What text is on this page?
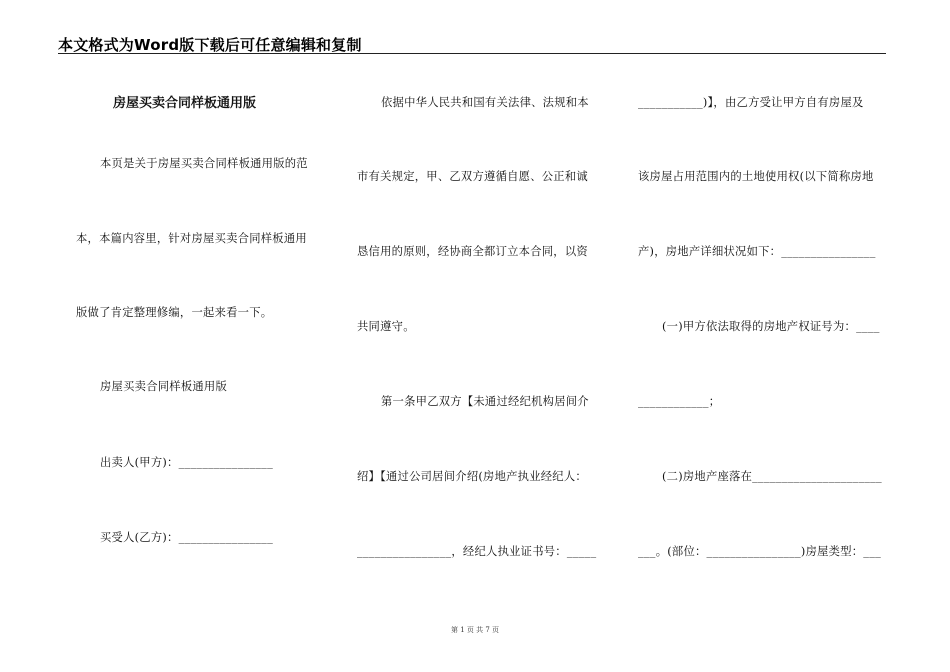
本文格式为Word版下载后可任意编辑和复制
房屋买卖合同样板通用版
本页是关于房屋买卖合同样板通用版的范
本，本篇内容里，针对房屋买卖合同样板通用
版做了肯定整理修编，一起来看一下。
房屋买卖合同样板通用版
出卖人(甲方)：________________
买受人(乙方)：________________
依据中华人民共和国有关法律、法规和本
市有关规定，甲、乙双方遵循自愿、公正和诚
恳信用的原则，经协商全都订立本合同，以资
共同遵守。
第一条甲乙双方【未通过经纪机构居间介
绍】【通过公司居间介绍(房地产执业经纪人：
________________，经纪人执业证书号：_____
___________)】，由乙方受让甲方自有房屋及
该房屋占用范围内的土地使用权(以下简称房地
产)，房地产详细状况如下：________________
(一)甲方依法取得的房地产权证号为：____
____________；
(二)房地产座落在______________________
___。(部位：________________)房屋类型：___
第 1 页 共 7 页
